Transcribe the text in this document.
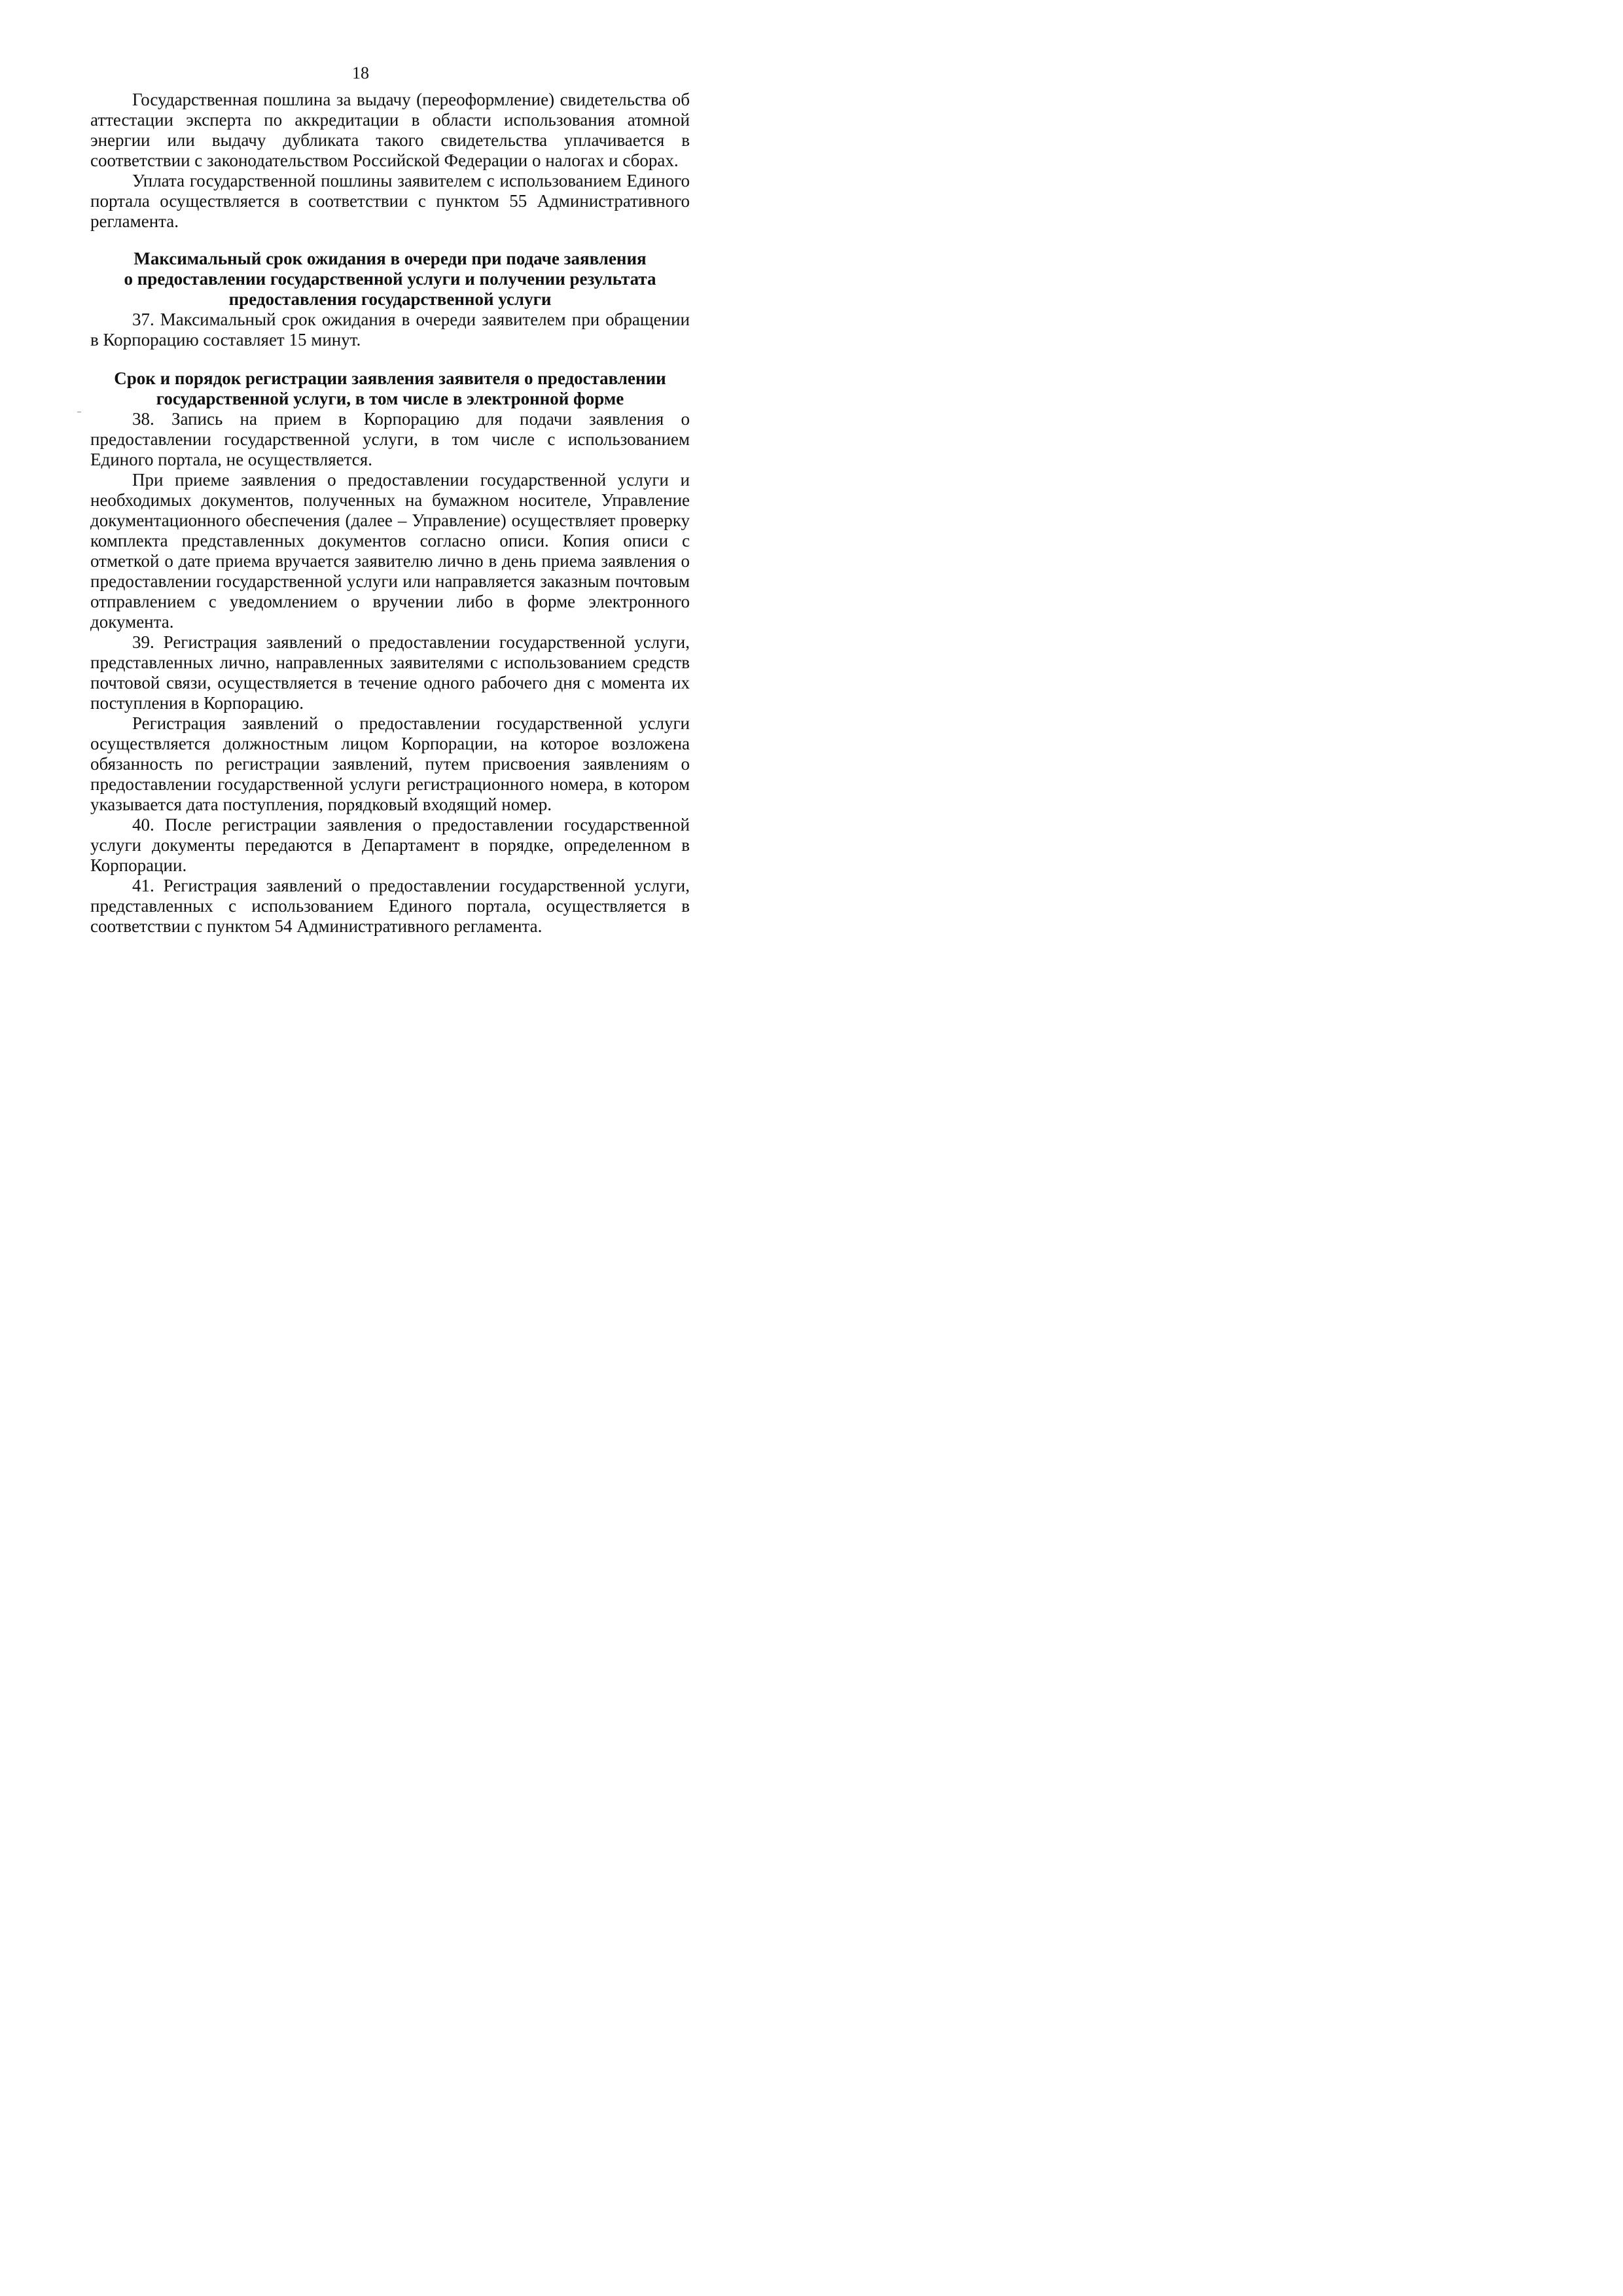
18

Государственная пошлина за выдачу (переоформление) свидетельства об аттестации эксперта по аккредитации в области использования атомной энергии или выдачу дубликата такого свидетельства уплачивается в соответствии с законодательством Российской Федерации о налогах и сборах.

Уплата государственной пошлины заявителем с использованием Единого портала осуществляется в соответствии с пунктом 55 Административного регламента.

Максимальный срок ожидания в очереди при подаче заявления
о предоставлении государственной услуги и получении результата
предоставления государственной услуги

37. Максимальный срок ожидания в очереди заявителем при обращении в Корпорацию составляет 15 минут.

Срок и порядок регистрации заявления заявителя о предоставлении
государственной услуги, в том числе в электронной форме

38. Запись на прием в Корпорацию для подачи заявления о предоставлении государственной услуги, в том числе с использованием Единого портала, не осуществляется.

При приеме заявления о предоставлении государственной услуги и необходимых документов, полученных на бумажном носителе, Управление документационного обеспечения (далее – Управление) осуществляет проверку комплекта представленных документов согласно описи. Копия описи с отметкой о дате приема вручается заявителю лично в день приема заявления о предоставлении государственной услуги или направляется заказным почтовым отправлением с уведомлением о вручении либо в форме электронного документа.

39. Регистрация заявлений о предоставлении государственной услуги, представленных лично, направленных заявителями с использованием средств почтовой связи, осуществляется в течение одного рабочего дня с момента их поступления в Корпорацию.

Регистрация заявлений о предоставлении государственной услуги осуществляется должностным лицом Корпорации, на которое возложена обязанность по регистрации заявлений, путем присвоения заявлениям о предоставлении государственной услуги регистрационного номера, в котором указывается дата поступления, порядковый входящий номер.

40. После регистрации заявления о предоставлении государственной услуги документы передаются в Департамент в порядке, определенном в Корпорации.

41. Регистрация заявлений о предоставлении государственной услуги, представленных с использованием Единого портала, осуществляется в соответствии с пунктом 54 Административного регламента.
